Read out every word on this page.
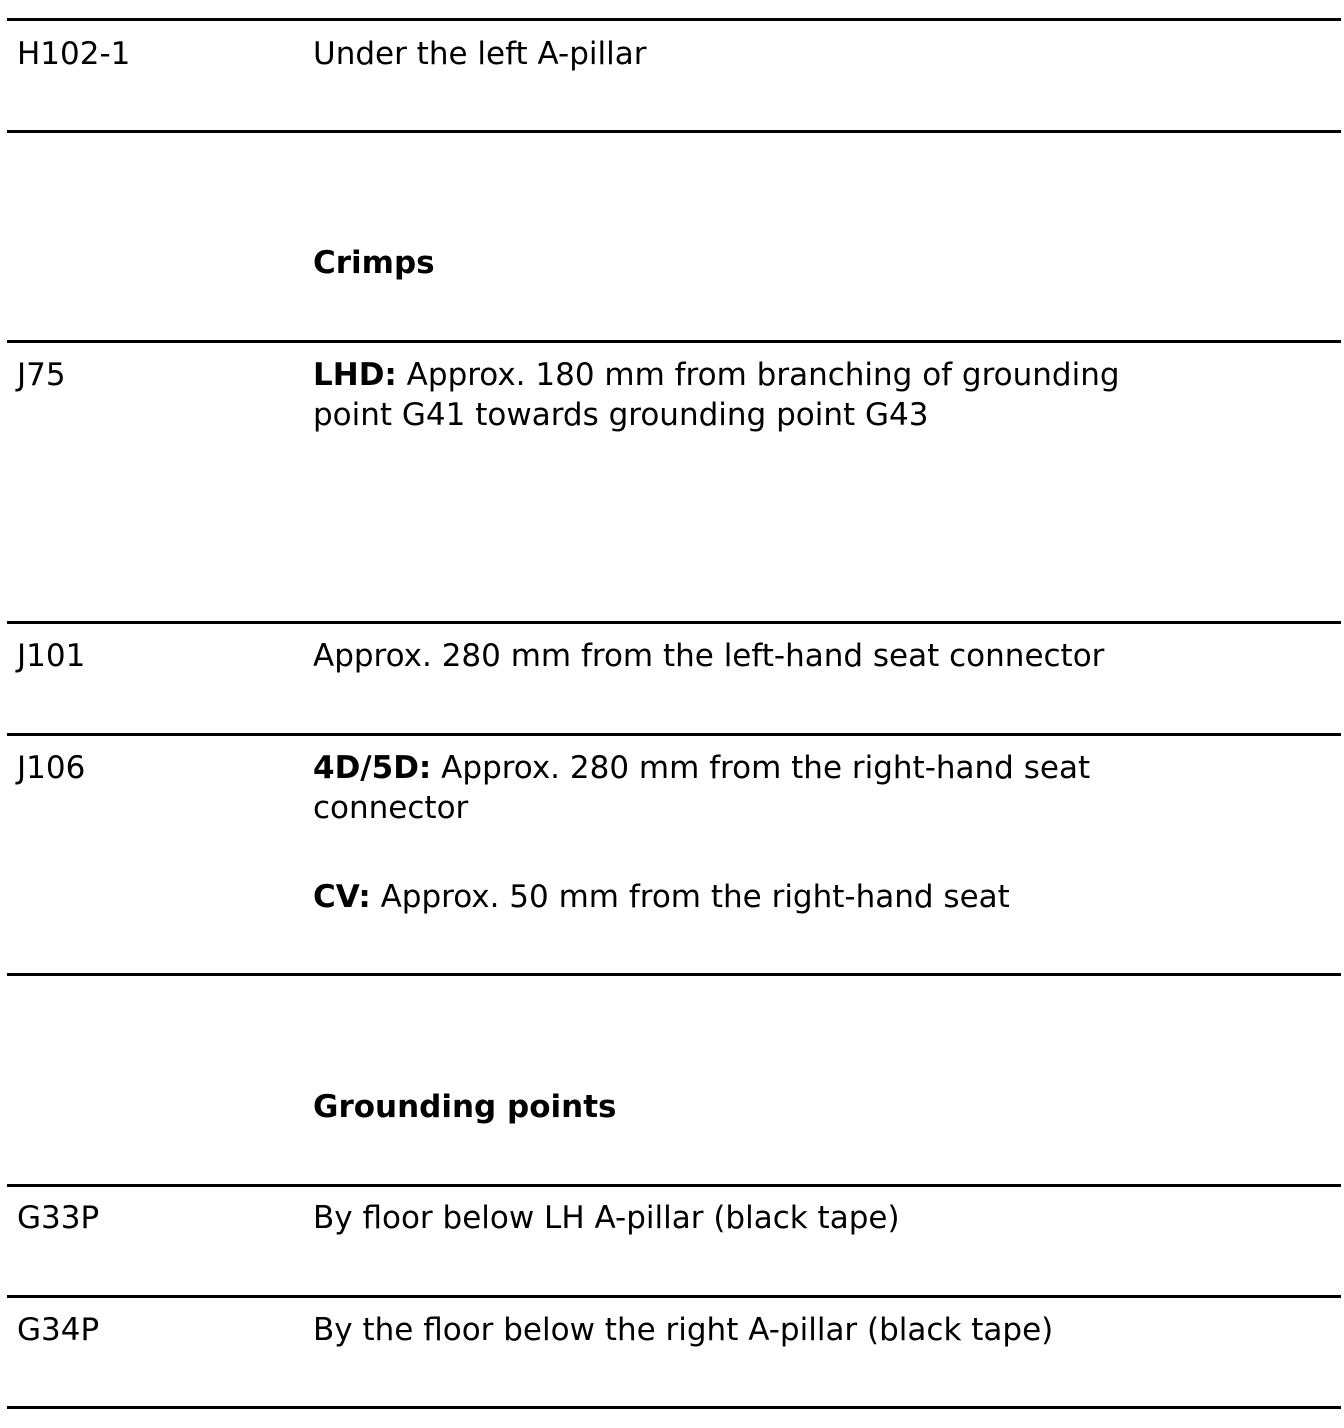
H102-1	Under the left A-pillar
Crimps
J75	LHD: Approx. 180 mm from branching of grounding
point G41 towards grounding point G43
J101	Approx. 280 mm from the left-hand seat connector
J106	4D/5D: Approx. 280 mm from the right-hand seat
connector
CV: Approx. 50 mm from the right-hand seat
Grounding points
G33P	By floor below LH A-pillar (black tape)
G34P	By the floor below the right A-pillar (black tape)
